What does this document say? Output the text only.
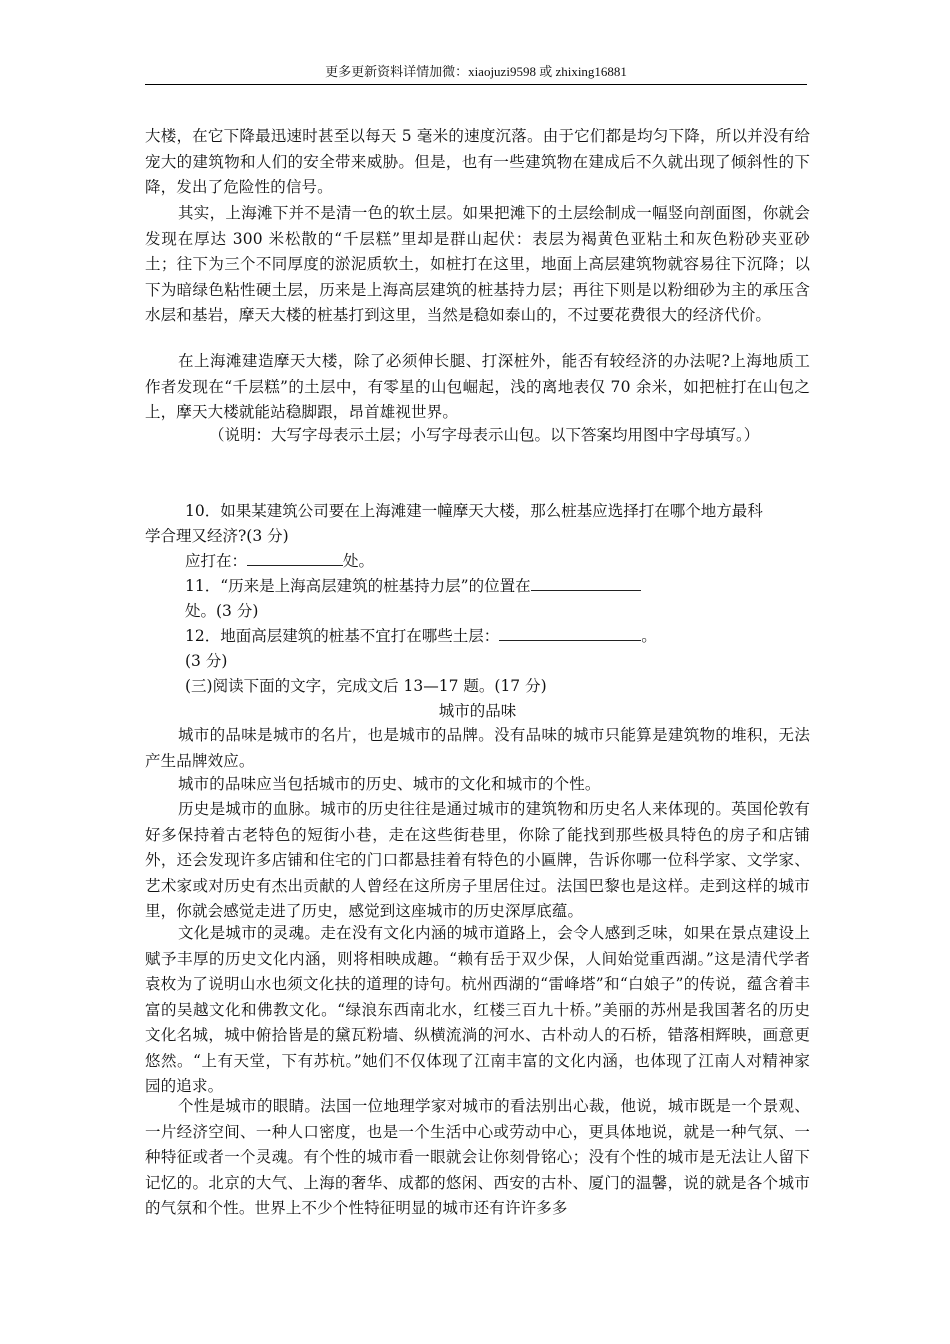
更多更新资料详情加微：xiaojuzi9598 或 zhixing16881

大楼，在它下降最迅速时甚至以每天 5 毫米的速度沉落。由于它们都是均匀下降，所以并没有给宠大的建筑物和人们的安全带来威胁。但是，也有一些建筑物在建成后不久就出现了倾斜性的下降，发出了危险性的信号。

其实，上海滩下并不是清一色的软土层。如果把滩下的土层绘制成一幅竖向剖面图，你就会发现在厚达 300 米松散的“千层糕”里却是群山起伏：表层为褐黄色亚粘土和灰色粉砂夹亚砂土；往下为三个不同厚度的淤泥质软土，如桩打在这里，地面上高层建筑物就容易往下沉降；以下为暗绿色粘性硬土层，历来是上海高层建筑的桩基持力层；再往下则是以粉细砂为主的承压含水层和基岩，摩天大楼的桩基打到这里，当然是稳如泰山的，不过要花费很大的经济代价。

在上海滩建造摩天大楼，除了必须伸长腿、打深桩外，能否有较经济的办法呢?上海地质工作者发现在“千层糕”的土层中，有零星的山包崛起，浅的离地表仅 70 余米，如把桩打在山包之上，摩天大楼就能站稳脚跟，昂首雄视世界。

（说明：大写字母表示土层；小写字母表示山包。以下答案均用图中字母填写。）

10．如果某建筑公司要在上海滩建一幢摩天大楼，那么桩基应选择打在哪个地方最科

学合理又经济?(3 分)

应打在：	处。

11．“历来是上海高层建筑的桩基持力层”的位置在

处。(3 分)

12．地面高层建筑的桩基不宜打在哪些土层：	。

(3 分)

(三)阅读下面的文字，完成文后 13—17 题。(17 分)

城市的品味

城市的品味是城市的名片，也是城市的品牌。没有品味的城市只能算是建筑物的堆积，无法产生品牌效应。

城市的品味应当包括城市的历史、城市的文化和城市的个性。

历史是城市的血脉。城市的历史往往是通过城市的建筑物和历史名人来体现的。英国伦敦有好多保持着古老特色的短街小巷，走在这些街巷里，你除了能找到那些极具特色的房子和店铺外，还会发现许多店铺和住宅的门口都悬挂着有特色的小匾牌，告诉你哪一位科学家、文学家、艺术家或对历史有杰出贡献的人曾经在这所房子里居住过。法国巴黎也是这样。走到这样的城市里，你就会感觉走进了历史，感觉到这座城市的历史深厚底蕴。

文化是城市的灵魂。走在没有文化内涵的城市道路上，会令人感到乏味，如果在景点建设上赋予丰厚的历史文化内涵，则将相映成趣。“赖有岳于双少保，人间始觉重西湖。”这是清代学者袁枚为了说明山水也须文化扶的道理的诗句。杭州西湖的“雷峰塔”和“白娘子”的传说，蕴含着丰富的吴越文化和佛教文化。“绿浪东西南北水，红楼三百九十桥。”美丽的苏州是我国著名的历史文化名城，城中俯拾皆是的黛瓦粉墙、纵横流淌的河水、古朴动人的石桥，错落相辉映，画意更悠然。“上有天堂，下有苏杭。”她们不仅体现了江南丰富的文化内涵，也体现了江南人对精神家园的追求。

个性是城市的眼睛。法国一位地理学家对城市的看法别出心裁，他说，城市既是一个景观、一片经济空间、一种人口密度，也是一个生活中心或劳动中心，更具体地说，就是一种气氛、一种特征或者一个灵魂。有个性的城市看一眼就会让你刻骨铭心；没有个性的城市是无法让人留下记忆的。北京的大气、上海的奢华、成都的悠闲、西安的古朴、厦门的温馨，说的就是各个城市的气氛和个性。世界上不少个性特征明显的城市还有许许多多
